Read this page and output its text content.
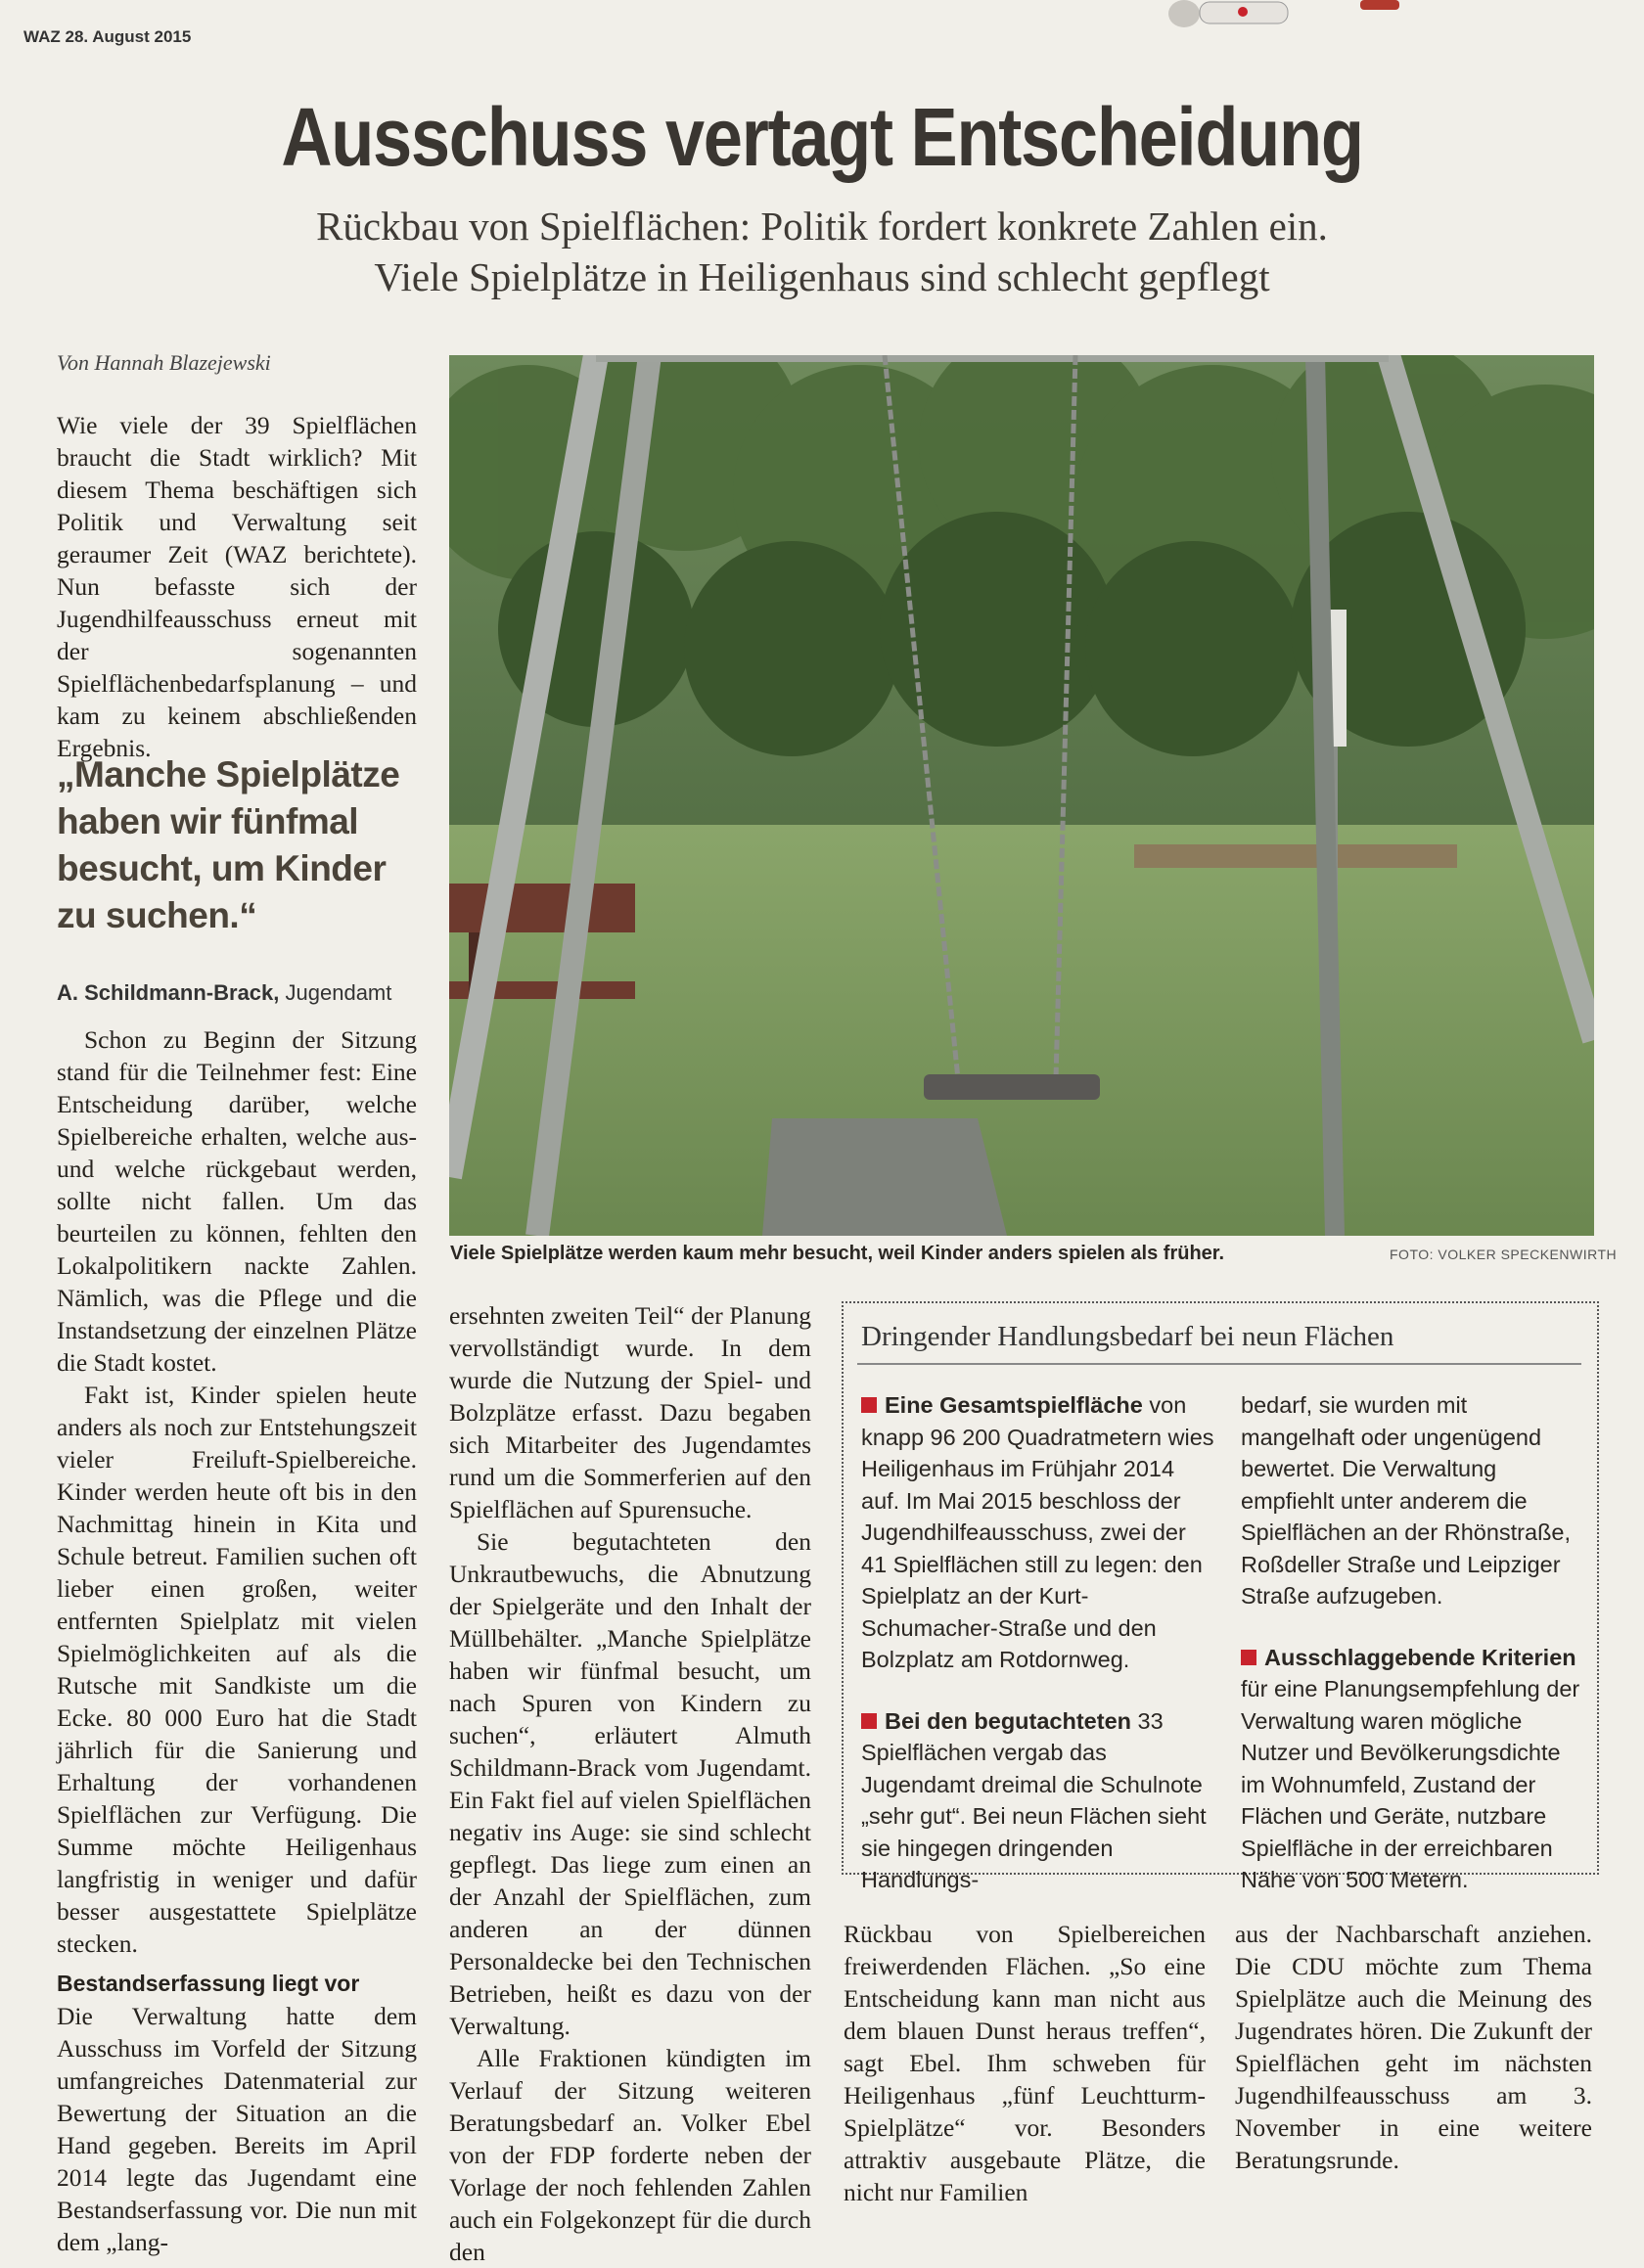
WAZ 28. August 2015
Ausschuss vertagt Entscheidung
Rückbau von Spielflächen: Politik fordert konkrete Zahlen ein.
Viele Spielplätze in Heiligenhaus sind schlecht gepflegt
Von Hannah Blazejewski

Wie viele der 39 Spielflächen braucht die Stadt wirklich? Mit diesem Thema beschäftigen sich Politik und Verwaltung seit geraumer Zeit (WAZ berichtete). Nun befasste sich der Jugendhilfeausschuss erneut mit der sogenannten Spielflächenbedarfsplanung – und kam zu keinem abschließenden Ergebnis.

„Manche Spielplätze haben wir fünfmal besucht, um Kinder zu suchen.“
A. Schildmann-Brack, Jugendamt

Schon zu Beginn der Sitzung stand für die Teilnehmer fest: Eine Entscheidung darüber, welche Spielbereiche erhalten, welche aus- und welche rückgebaut werden, sollte nicht fallen. Um das beurteilen zu können, fehlten den Lokalpolitikern nackte Zahlen. Nämlich, was die Pflege und die Instandsetzung der einzelnen Plätze die Stadt kostet.

Fakt ist, Kinder spielen heute anders als noch zur Entstehungszeit vieler Freiluft-Spielbereiche. Kinder werden heute oft bis in den Nachmittag hinein in Kita und Schule betreut. Familien suchen oft lieber einen großen, weiter entfernten Spielplatz mit vielen Spielmöglichkeiten auf als die Rutsche mit Sandkiste um die Ecke. 80 000 Euro hat die Stadt jährlich für die Sanierung und Erhaltung der vorhandenen Spielflächen zur Verfügung. Die Summe möchte Heiligenhaus langfristig in weniger und dafür besser ausgestattete Spielplätze stecken.

Bestandserfassung liegt vor

Die Verwaltung hatte dem Ausschuss im Vorfeld der Sitzung umfangreiches Datenmaterial zur Bewertung der Situation an die Hand gegeben. Bereits im April 2014 legte das Jugendamt eine Bestandserfassung vor. Die nun mit dem „lang-

Viele Spielplätze werden kaum mehr besucht, weil Kinder anders spielen als früher.	FOTO: VOLKER SPECKENWIRTH

ersehnten zweiten Teil“ der Planung vervollständigt wurde. In dem wurde die Nutzung der Spiel- und Bolzplätze erfasst. Dazu begaben sich Mitarbeiter des Jugendamtes rund um die Sommerferien auf den Spielflächen auf Spurensuche.

Sie begutachteten den Unkrautbewuchs, die Abnutzung der Spielgeräte und den Inhalt der Müllbehälter. „Manche Spielplätze haben wir fünfmal besucht, um nach Spuren von Kindern zu suchen“, erläutert Almuth Schildmann-Brack vom Jugendamt. Ein Fakt fiel auf vielen Spielflächen negativ ins Auge: sie sind schlecht gepflegt. Das liege zum einen an der Anzahl der Spielflächen, zum anderen an der dünnen Personaldecke bei den Technischen Betrieben, heißt es dazu von der Verwaltung.

Alle Fraktionen kündigten im Verlauf der Sitzung weiteren Beratungsbedarf an. Volker Ebel von der FDP forderte neben der Vorlage der noch fehlenden Zahlen auch ein Folgekonzept für die durch den

Dringender Handlungsbedarf bei neun Flächen

Eine Gesamtspielfläche von knapp 96 200 Quadratmetern wies Heiligenhaus im Frühjahr 2014 auf. Im Mai 2015 beschloss der Jugendhilfeausschuss, zwei der 41 Spielflächen still zu legen: den Spielplatz an der Kurt-Schumacher-Straße und den Bolzplatz am Rotdornweg.

Bei den begutachteten 33 Spielflächen vergab das Jugendamt dreimal die Schulnote „sehr gut“. Bei neun Flächen sieht sie hingegen dringenden Handlungs-

bedarf, sie wurden mit mangelhaft oder ungenügend bewertet. Die Verwaltung empfiehlt unter anderem die Spielflächen an der Rhönstraße, Roßdeller Straße und Leipziger Straße aufzugeben.

Ausschlaggebende Kriterien für eine Planungsempfehlung der Verwaltung waren mögliche Nutzer und Bevölkerungsdichte im Wohnumfeld, Zustand der Flächen und Geräte, nutzbare Spielfläche in der erreichbaren Nähe von 500 Metern.

Rückbau von Spielbereichen freiwerdenden Flächen. „So eine Entscheidung kann man nicht aus dem blauen Dunst heraus treffen“, sagt Ebel. Ihm schweben für Heiligenhaus „fünf Leuchtturm-Spielplätze“ vor. Besonders attraktiv ausgebaute Plätze, die nicht nur Familien

aus der Nachbarschaft anziehen. Die CDU möchte zum Thema Spielplätze auch die Meinung des Jugendrates hören. Die Zukunft der Spielflächen geht im nächsten Jugendhilfeausschuss am 3. November in eine weitere Beratungsrunde.
